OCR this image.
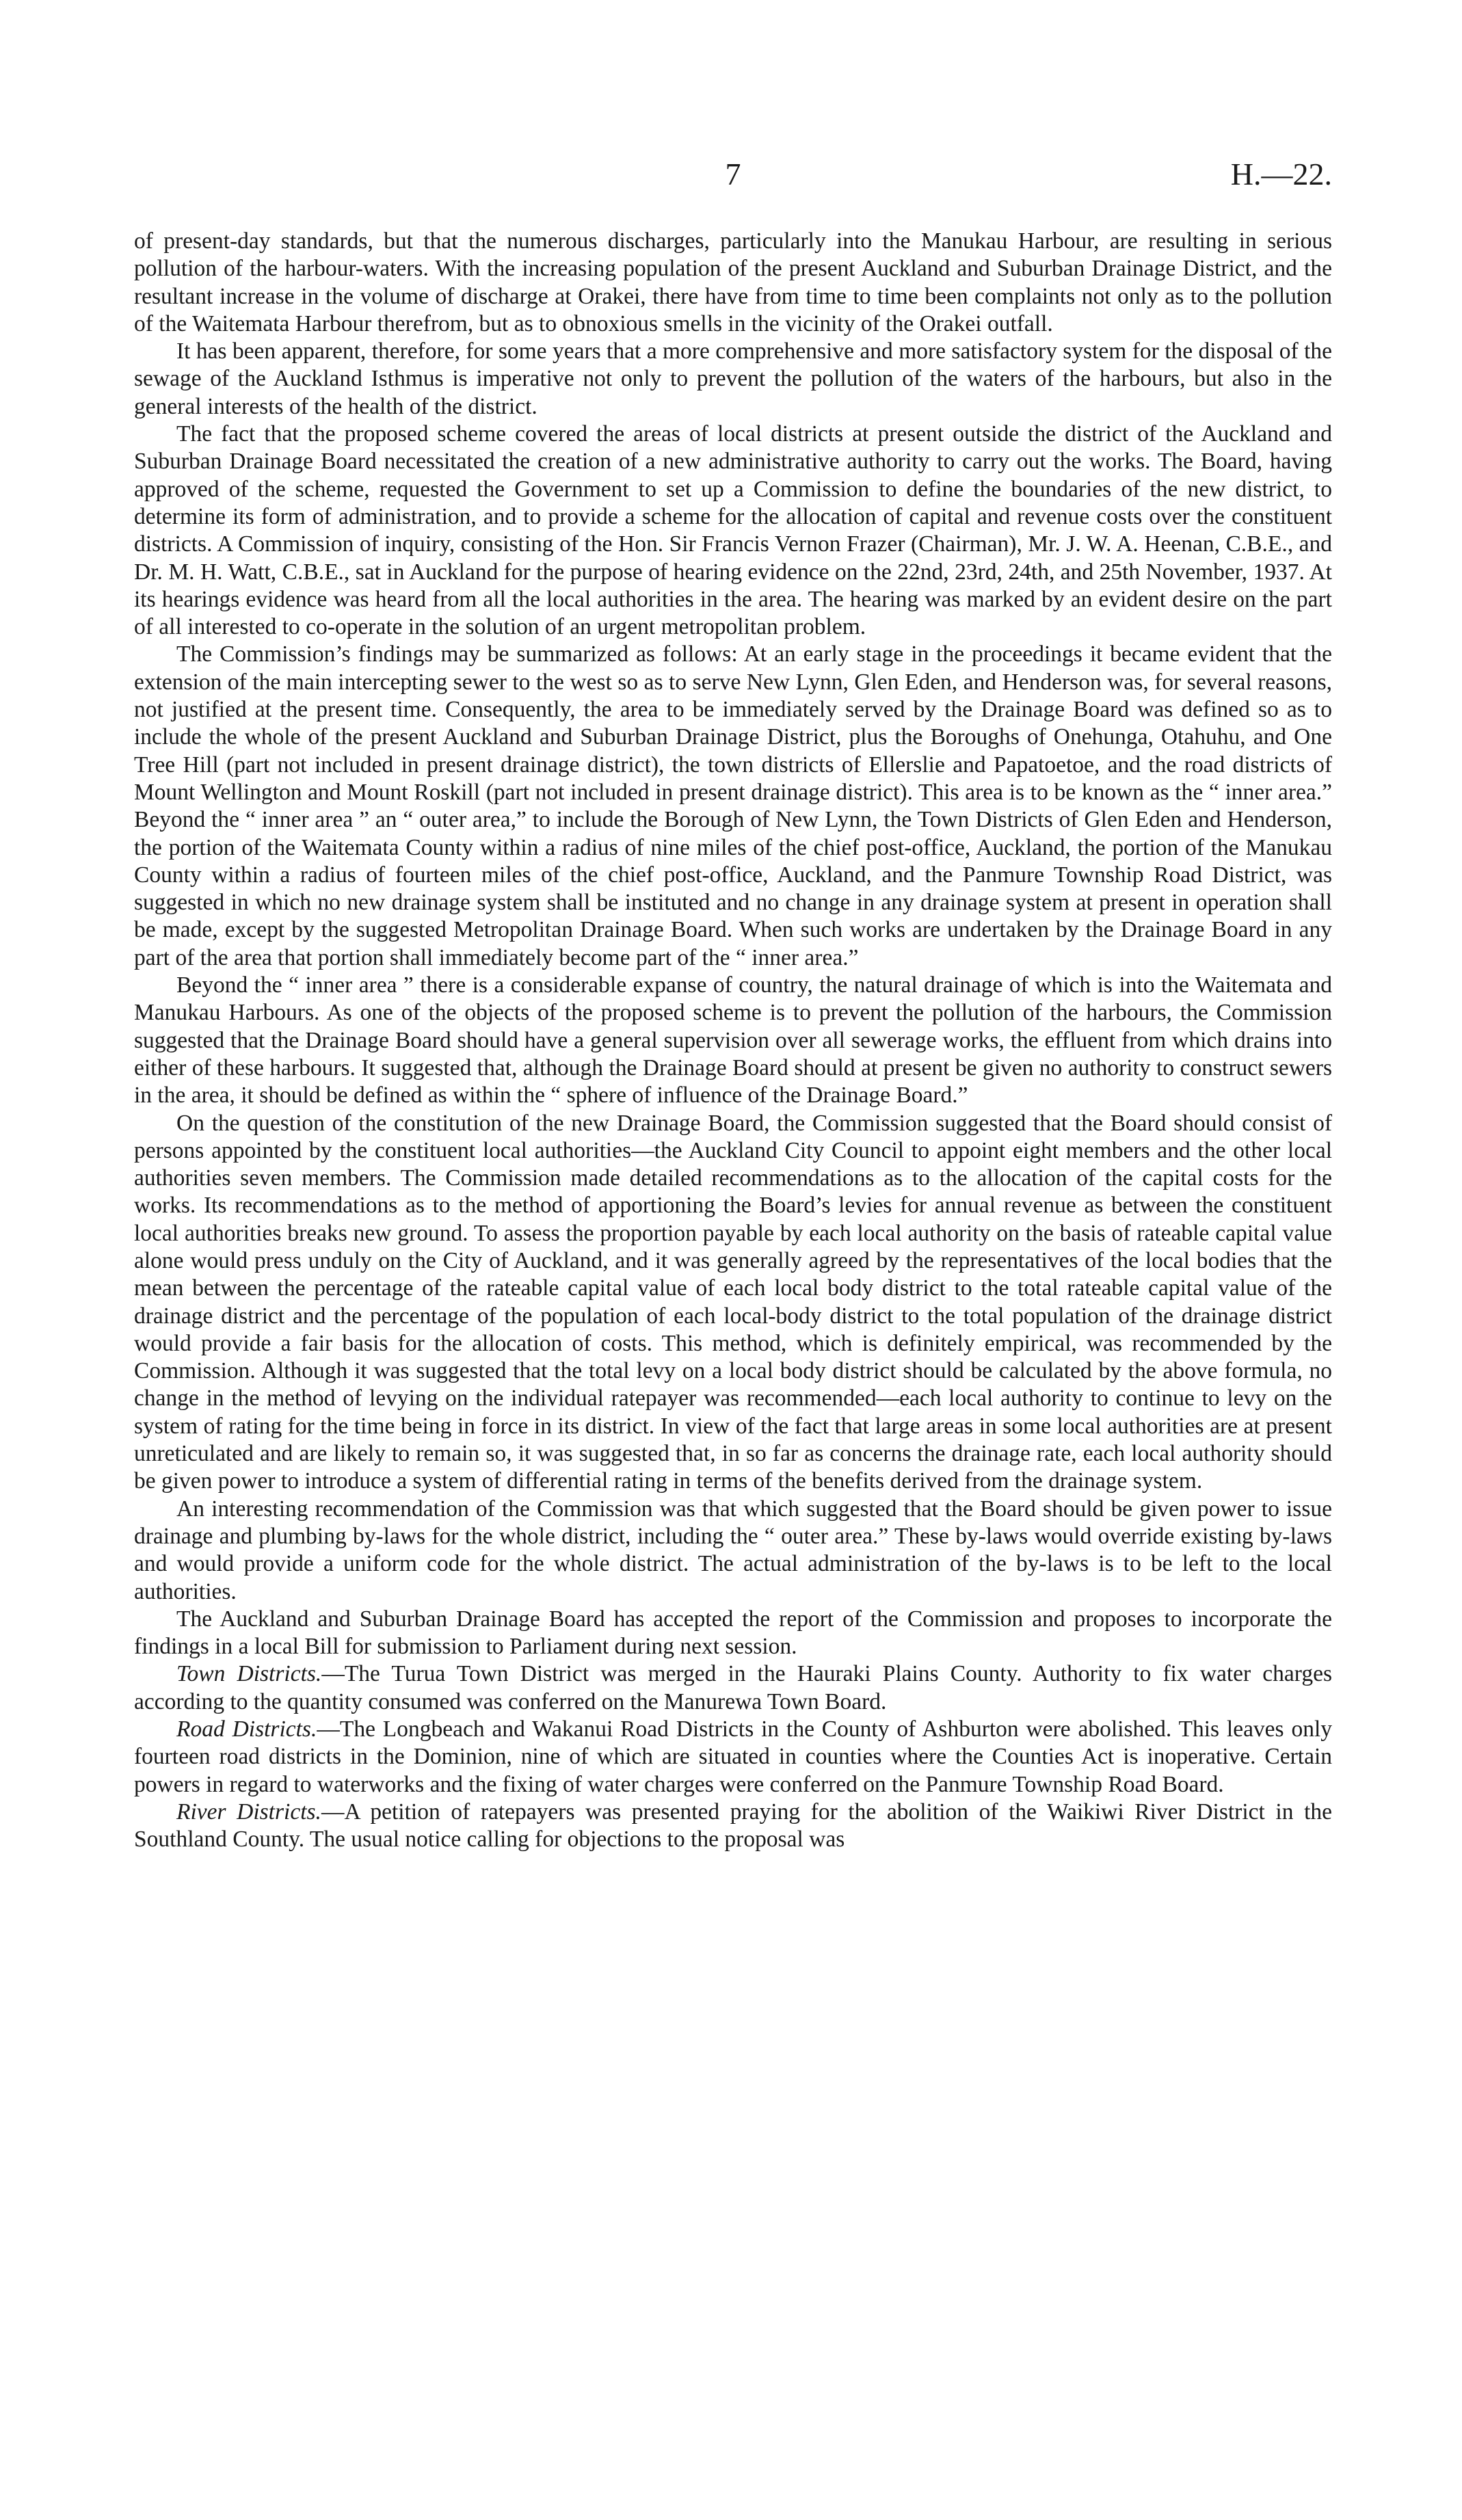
7	H.—22.

of present-day standards, but that the numerous discharges, particularly into the Manukau Harbour, are resulting in serious pollution of the harbour-waters. With the increasing population of the present Auckland and Suburban Drainage District, and the resultant increase in the volume of discharge at Orakei, there have from time to time been complaints not only as to the pollution of the Waitemata Harbour therefrom, but as to obnoxious smells in the vicinity of the Orakei outfall.

It has been apparent, therefore, for some years that a more comprehensive and more satisfactory system for the disposal of the sewage of the Auckland Isthmus is imperative not only to prevent the pollution of the waters of the harbours, but also in the general interests of the health of the district.

The fact that the proposed scheme covered the areas of local districts at present outside the district of the Auckland and Suburban Drainage Board necessitated the creation of a new administrative authority to carry out the works. The Board, having approved of the scheme, requested the Government to set up a Commission to define the boundaries of the new district, to determine its form of administration, and to provide a scheme for the allocation of capital and revenue costs over the constituent districts. A Commission of inquiry, consisting of the Hon. Sir Francis Vernon Frazer (Chairman), Mr. J. W. A. Heenan, C.B.E., and Dr. M. H. Watt, C.B.E., sat in Auckland for the purpose of hearing evidence on the 22nd, 23rd, 24th, and 25th November, 1937. At its hearings evidence was heard from all the local authorities in the area. The hearing was marked by an evident desire on the part of all interested to co-operate in the solution of an urgent metropolitan problem.

The Commission’s findings may be summarized as follows: At an early stage in the proceedings it became evident that the extension of the main intercepting sewer to the west so as to serve New Lynn, Glen Eden, and Henderson was, for several reasons, not justified at the present time. Consequently, the area to be immediately served by the Drainage Board was defined so as to include the whole of the present Auckland and Suburban Drainage District, plus the Boroughs of Onehunga, Otahuhu, and One Tree Hill (part not included in present drainage district), the town districts of Ellerslie and Papatoetoe, and the road districts of Mount Wellington and Mount Roskill (part not included in present drainage district). This area is to be known as the “ inner area.” Beyond the “ inner area ” an “ outer area,” to include the Borough of New Lynn, the Town Districts of Glen Eden and Henderson, the portion of the Waitemata County within a radius of nine miles of the chief post-office, Auckland, the portion of the Manukau County within a radius of fourteen miles of the chief post-office, Auckland, and the Panmure Township Road District, was suggested in which no new drainage system shall be instituted and no change in any drainage system at present in operation shall be made, except by the suggested Metropolitan Drainage Board. When such works are undertaken by the Drainage Board in any part of the area that portion shall immediately become part of the “ inner area.”

Beyond the “ inner area ” there is a considerable expanse of country, the natural drainage of which is into the Waitemata and Manukau Harbours. As one of the objects of the proposed scheme is to prevent the pollution of the harbours, the Commission suggested that the Drainage Board should have a general supervision over all sewerage works, the effluent from which drains into either of these harbours. It suggested that, although the Drainage Board should at present be given no authority to construct sewers in the area, it should be defined as within the “ sphere of influence of the Drainage Board.”

On the question of the constitution of the new Drainage Board, the Commission suggested that the Board should consist of persons appointed by the constituent local authorities—the Auckland City Council to appoint eight members and the other local authorities seven members. The Commission made detailed recommendations as to the allocation of the capital costs for the works. Its recommendations as to the method of apportioning the Board’s levies for annual revenue as between the constituent local authorities breaks new ground. To assess the proportion payable by each local authority on the basis of rateable capital value alone would press unduly on the City of Auckland, and it was generally agreed by the representatives of the local bodies that the mean between the percentage of the rateable capital value of each local body district to the total rateable capital value of the drainage district and the percentage of the population of each local-body district to the total population of the drainage district would provide a fair basis for the allocation of costs. This method, which is definitely empirical, was recommended by the Commission. Although it was suggested that the total levy on a local body district should be calculated by the above formula, no change in the method of levying on the individual ratepayer was recommended—each local authority to continue to levy on the system of rating for the time being in force in its district. In view of the fact that large areas in some local authorities are at present unreticulated and are likely to remain so, it was suggested that, in so far as concerns the drainage rate, each local authority should be given power to introduce a system of differential rating in terms of the benefits derived from the drainage system.

An interesting recommendation of the Commission was that which suggested that the Board should be given power to issue drainage and plumbing by-laws for the whole district, including the “ outer area.” These by-laws would override existing by-laws and would provide a uniform code for the whole district. The actual administration of the by-laws is to be left to the local authorities.

The Auckland and Suburban Drainage Board has accepted the report of the Commission and proposes to incorporate the findings in a local Bill for submission to Parliament during next session.

Town Districts.—The Turua Town District was merged in the Hauraki Plains County. Authority to fix water charges according to the quantity consumed was conferred on the Manurewa Town Board.

Road Districts.—The Longbeach and Wakanui Road Districts in the County of Ashburton were abolished. This leaves only fourteen road districts in the Dominion, nine of which are situated in counties where the Counties Act is inoperative. Certain powers in regard to waterworks and the fixing of water charges were conferred on the Panmure Township Road Board.

River Districts.—A petition of ratepayers was presented praying for the abolition of the Waikiwi River District in the Southland County. The usual notice calling for objections to the proposal was
